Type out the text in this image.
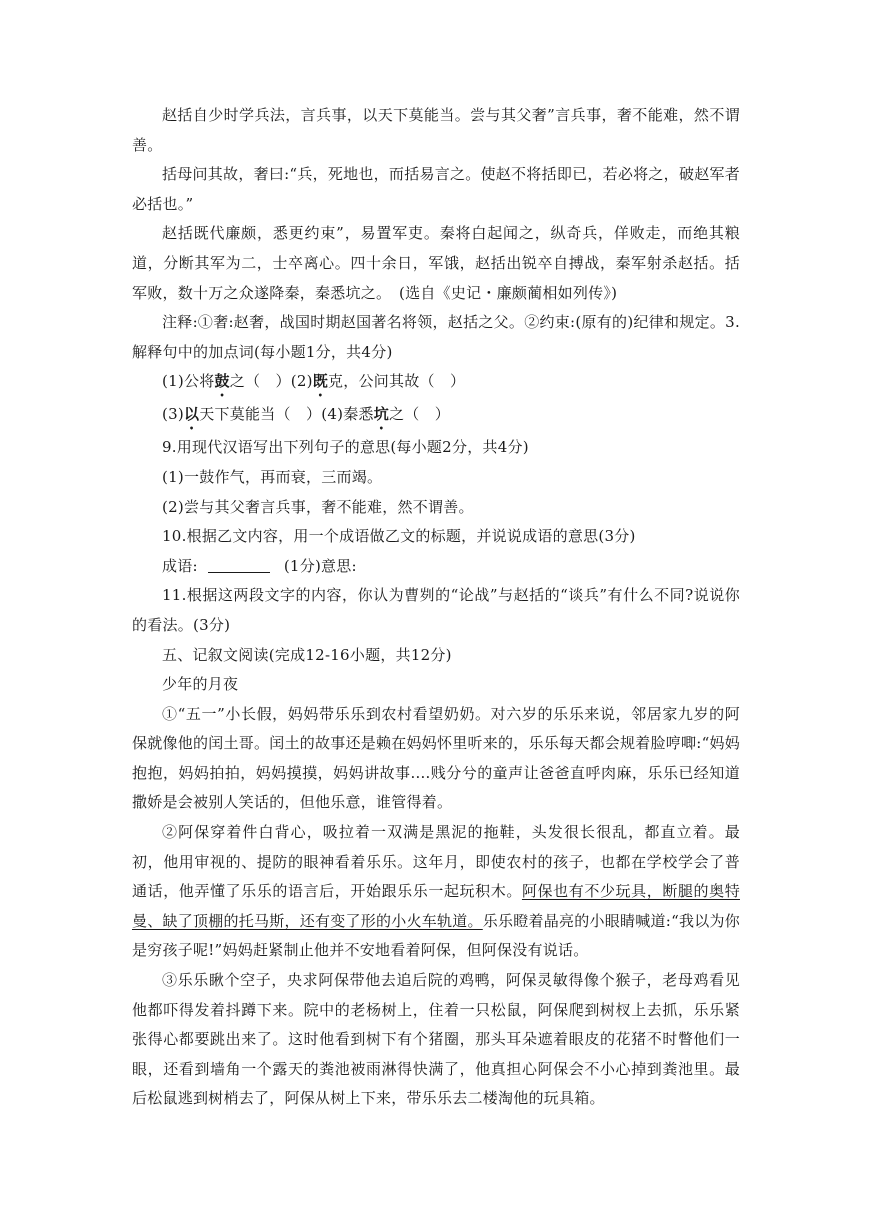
赵括自少时学兵法，言兵事，以天下莫能当。尝与其父奢”言兵事，奢不能难，然不谓善。

括母问其故，奢曰:“兵，死地也，而括易言之。使赵不将括即已，若必将之，破赵军者必括也。”

赵括既代廉颇，悉更约束”，易置军吏。秦将白起闻之，纵奇兵，佯败走，而绝其粮道，分断其军为二，士卒离心。四十余日，军饿，赵括出锐卒自搏战，秦军射杀赵括。括军败，数十万之众遂降秦，秦悉坑之。　(选自《史记・廉颇蔺相如列传》)

注释:①奢:赵奢，战国时期赵国著名将领，赵括之父。②约束:(原有的)纪律和规定。3.解释句中的加点词(每小题1分，共4分)

(1)公将鼓之（　）(2)既克，公问其故（　）

(3)以天下莫能当（　）(4)秦悉坑之（　）

9.用现代汉语写出下列句子的意思(每小题2分，共4分)

(1)一鼓作气，再而衰，三而竭。

(2)尝与其父奢言兵事，奢不能难，然不谓善。

10.根据乙文内容，用一个成语做乙文的标题，并说说成语的意思(3分)

成语:	(1分)意思:

11.根据这两段文字的内容，你认为曹刿的“论战”与赵括的“谈兵”有什么不同?说说你的看法。(3分)

五、记叙文阅读(完成12-16小题，共12分)

少年的月夜

①“五一”小长假，妈妈带乐乐到农村看望奶奶。对六岁的乐乐来说，邻居家九岁的阿保就像他的闰土哥。闰土的故事还是赖在妈妈怀里听来的，乐乐每天都会规着脸哼唧:“妈妈抱抱，妈妈拍拍，妈妈摸摸，妈妈讲故事....贱分兮的童声让爸爸直呼肉麻，乐乐已经知道撒娇是会被别人笑话的，但他乐意，谁管得着。

②阿保穿着件白背心，吸拉着一双满是黑泥的拖鞋，头发很长很乱，都直立着。最初，他用审视的、提防的眼神看着乐乐。这年月，即使农村的孩子，也都在学校学会了普通话，他弄懂了乐乐的语言后，开始跟乐乐一起玩积木。阿保也有不少玩具，断腿的奥特曼、缺了顶棚的托马斯，还有变了形的小火车轨道。乐乐瞪着晶亮的小眼睛喊道:“我以为你是穷孩子呢!”妈妈赶紧制止他并不安地看着阿保，但阿保没有说话。

③乐乐瞅个空子，央求阿保带他去追后院的鸡鸭，阿保灵敏得像个猴子，老母鸡看见他都吓得发着抖蹲下来。院中的老杨树上，住着一只松鼠，阿保爬到树杈上去抓，乐乐紧张得心都要跳出来了。这时他看到树下有个猪圈，那头耳朵遮着眼皮的花猪不时瞥他们一眼，还看到墙角一个露天的粪池被雨淋得快满了，他真担心阿保会不小心掉到粪池里。最后松鼠逃到树梢去了，阿保从树上下来，带乐乐去二楼淘他的玩具箱。
